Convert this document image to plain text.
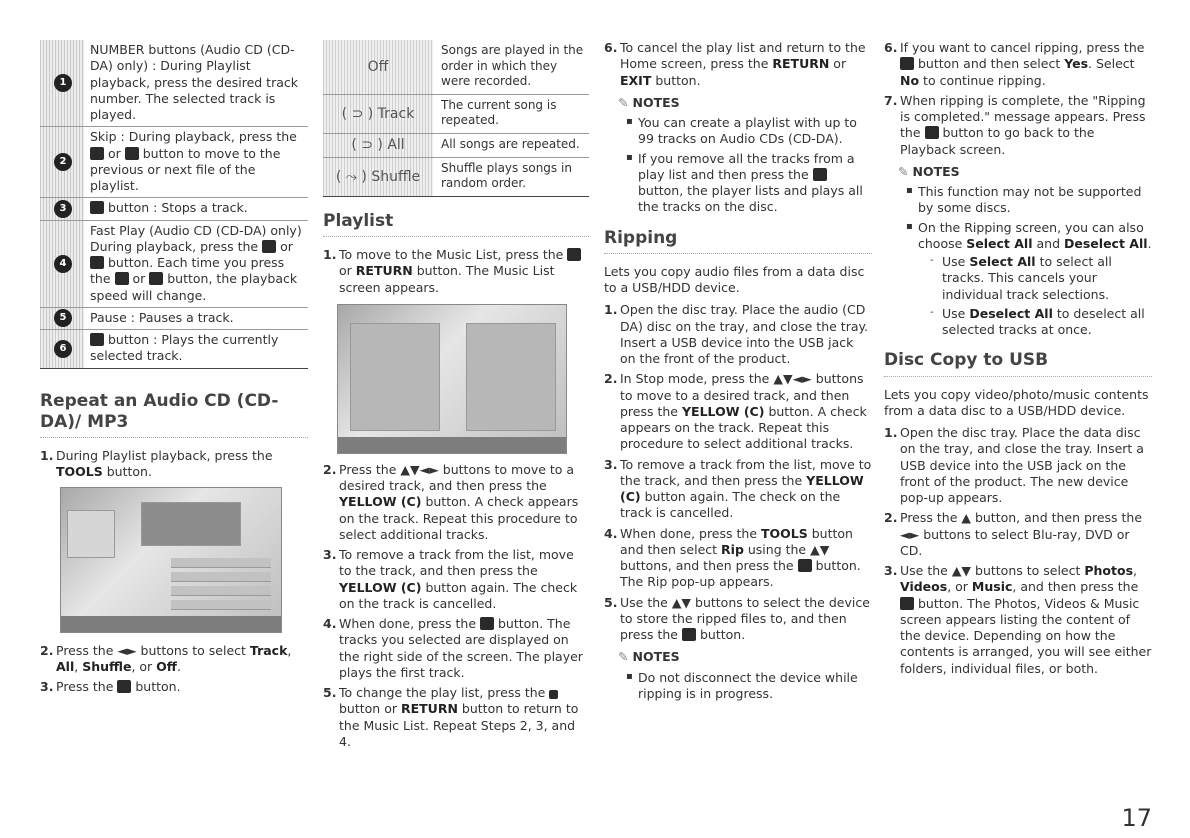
1	NUMBER buttons (Audio CD (CD-DA) only) : During Playlist playback, press the desired track number. The selected track is played.

2	Skip : During playback, press the  or button to move to the previous or next file of the playlist.

3	button : Stops a track.

4	Fast Play (Audio CD (CD-DA) only) During playback, press the or  button. Each time you press the or button, the playback speed will change.

5	Pause : Pauses a track.

6	button : Plays the currently selected track.
Repeat an Audio CD (CD-DA)/ MP3
1. During Playlist playback, press the TOOLS button.
2. Press the ◄► buttons to select Track, All, Shuffle, or Off.
3. Press the button.
Off	Songs are played in the order in which they were recorded.
( ⊃ ) Track	The current song is repeated.
( ⊃ ) All	All songs are repeated.
( ⤳ ) Shuffle	Shuffle plays songs in random order.
Playlist
1. To move to the Music List, press the  or RETURN button. The Music List screen appears.
2. Press the ▲▼◄► buttons to move to a desired track, and then press the YELLOW (C) button. A check appears on the track. Repeat this procedure to select additional tracks.
3. To remove a track from the list, move to the track, and then press the YELLOW (C) button again. The check on the track is cancelled.
4. When done, press the button. The tracks you selected are displayed on the right side of the screen. The player plays the first track.
5. To change the play list, press the  button or RETURN button to return to the Music List. Repeat Steps 2, 3, and 4.
6. To cancel the play list and return to the Home screen, press the RETURN or EXIT button.
✎ NOTES
▪ You can create a playlist with up to 99 tracks on Audio CDs (CD-DA).
▪ If you remove all the tracks from a play list and then press the  button, the player lists and plays all the tracks on the disc.
Ripping

Lets you copy audio files from a data disc to a USB/HDD device.

1. Open the disc tray. Place the audio (CD DA) disc on the tray, and close the tray. Insert a USB device into the USB jack on the front of the product.
2. In Stop mode, press the ▲▼◄► buttons to move to a desired track, and then press the YELLOW (C) button. A check appears on the track. Repeat this procedure to select additional tracks.
3. To remove a track from the list, move to the track, and then press the YELLOW (C) button again. The check on the track is cancelled.
4. When done, press the TOOLS button and then select Rip using the ▲▼ buttons, and then press the button. The Rip pop-up appears.
5. Use the ▲▼ buttons to select the device to store the ripped files to, and then press the button.
✎ NOTES
▪ Do not disconnect the device while ripping is in progress.
6. If you want to cancel ripping, press the  button and then select Yes. Select No to continue ripping.
7. When ripping is complete, the "Ripping is completed." message appears. Press the button to go back to the Playback screen.
✎ NOTES
▪ This function may not be supported by some discs.
▪ On the Ripping screen, you can also choose Select All and Deselect All.
- Use Select All to select all tracks. This cancels your individual track selections.
- Use Deselect All to deselect all selected tracks at once.
Disc Copy to USB

Lets you copy video/photo/music contents from a data disc to a USB/HDD device.

1. Open the disc tray. Place the data disc on the tray, and close the tray. Insert a USB device into the USB jack on the front of the product. The new device pop-up appears.
2. Press the ▲ button, and then press the ◄► buttons to select Blu-ray, DVD or CD.
3. Use the ▲▼ buttons to select Photos, Videos, or Music, and then press the  button. The Photos, Videos & Music screen appears listing the content of the device. Depending on how the contents is arranged, you will see either folders, individual files, or both.
17
